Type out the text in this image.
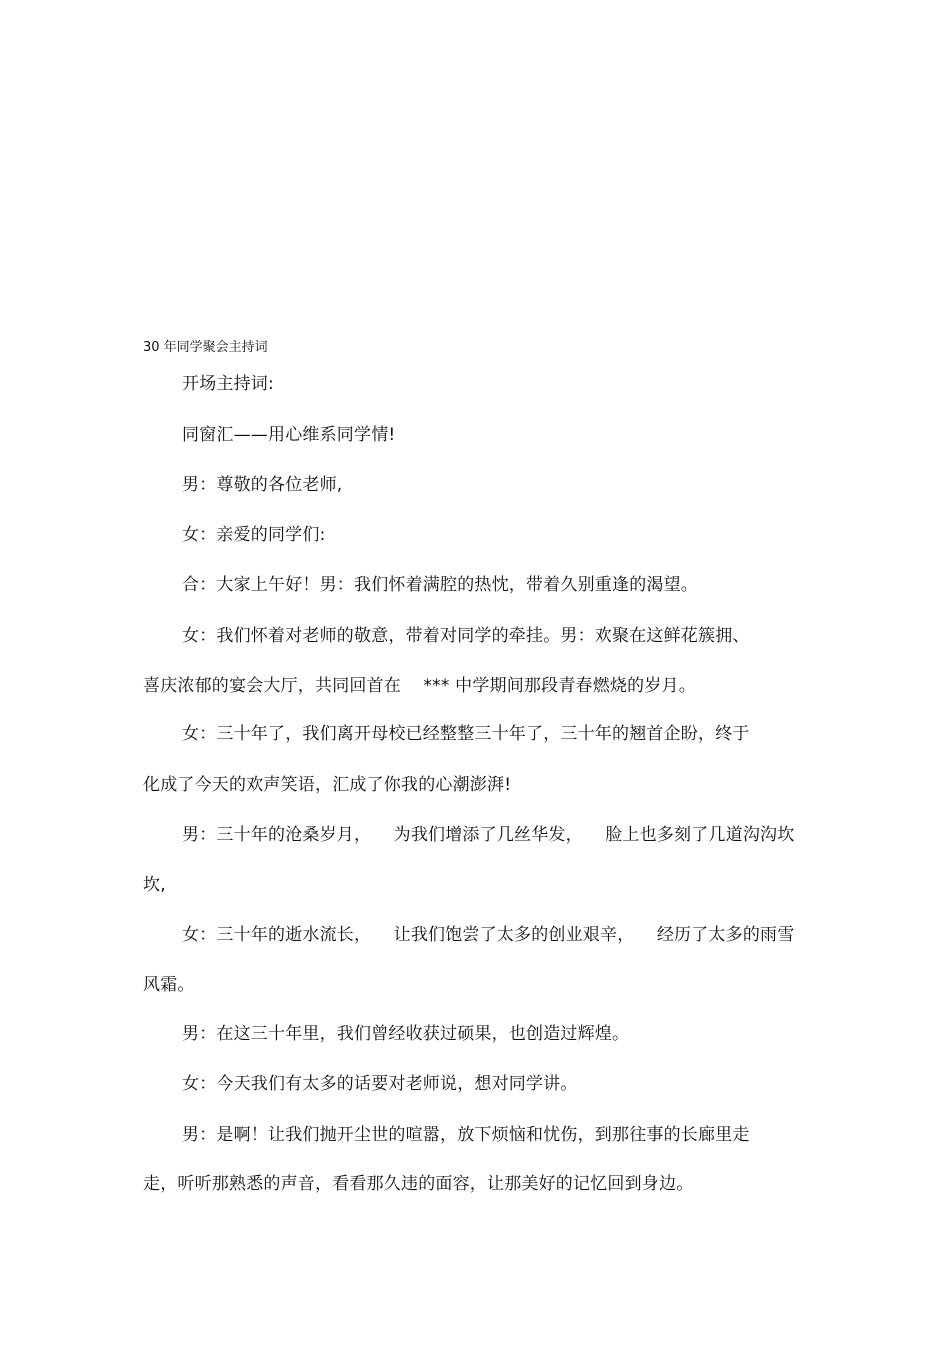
30 年同学聚会主持词
开场主持词:
同窗汇——用心维系同学情!
男：尊敬的各位老师,
女：亲爱的同学们:
合：大家上午好！男：我们怀着满腔的热忱，带着久别重逢的渴望。
女：我们怀着对老师的敬意，带着对同学的牵挂。男：欢聚在这鲜花簇拥、
喜庆浓郁的宴会大厅，共同回首在    *** 中学期间那段青春燃烧的岁月。
女：三十年了，我们离开母校已经整整三十年了，三十年的翘首企盼，终于
化成了今天的欢声笑语，汇成了你我的心潮澎湃!
男：三十年的沧桑岁月，    为我们增添了几丝华发，    脸上也多刻了几道沟沟坎
坎,
女：三十年的逝水流长，    让我们饱尝了太多的创业艰辛，    经历了太多的雨雪
风霜。
男：在这三十年里，我们曾经收获过硕果，也创造过辉煌。
女：今天我们有太多的话要对老师说，想对同学讲。
男：是啊！让我们抛开尘世的喧嚣，放下烦恼和忧伤，到那往事的长廊里走
走，听听那熟悉的声音，看看那久违的面容，让那美好的记忆回到身边。
